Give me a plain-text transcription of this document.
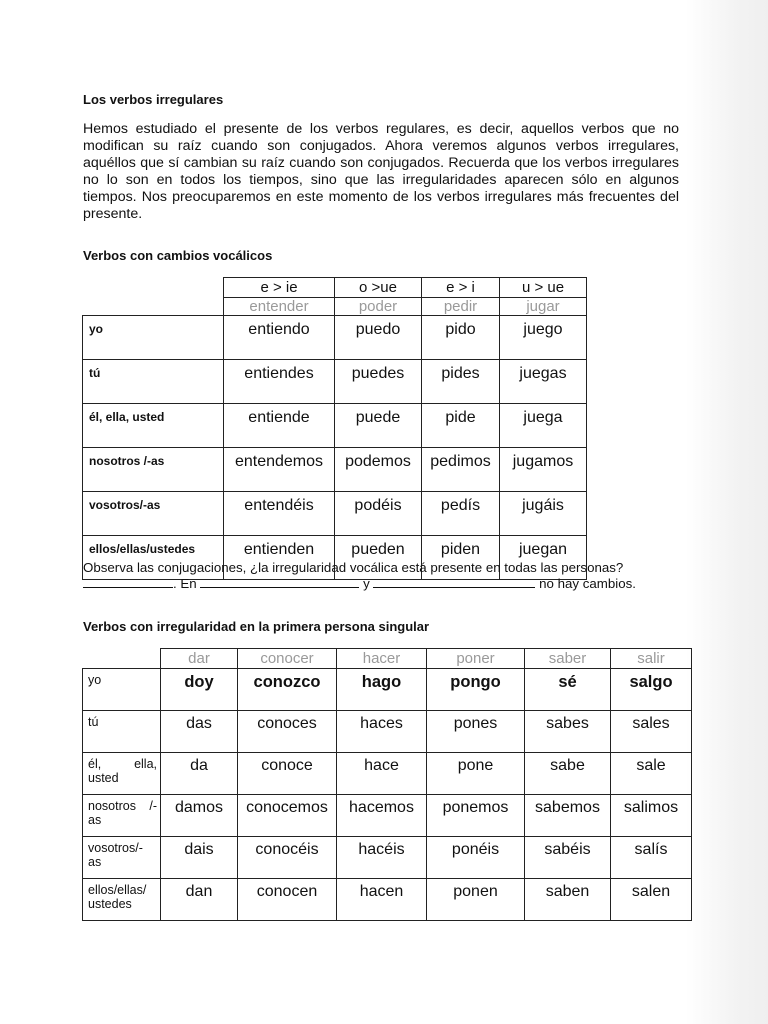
Los verbos irregulares

Hemos estudiado el presente de los verbos regulares, es decir, aquellos verbos que no modifican su raíz cuando son conjugados. Ahora veremos algunos verbos irregulares, aquéllos que sí cambian su raíz cuando son conjugados. Recuerda que los verbos irregulares no lo son en todos los tiempos, sino que las irregularidades aparecen sólo en algunos tiempos. Nos preocuparemos en este momento de los verbos irregulares más frecuentes del presente.

Verbos con cambios vocálicos
	e > ie	o >ue	e > i	u > ue
	entender	poder	pedir	jugar
yo	entiendo	puedo	pido	juego
tú	entiendes	puedes	pides	juegas
él, ella, usted	entiende	puede	pide	juega
nosotros /-as	entendemos	podemos	pedimos	jugamos
vosotros/-as	entendéis	podéis	pedís	jugáis
ellos/ellas/ustedes	entienden	pueden	piden	juegan

Observa las conjugaciones, ¿la irregularidad vocálica está presente en todas las personas?
. En	y	no hay cambios.

Verbos con irregularidad en la primera persona singular
	dar	conocer	hacer	poner	saber	salir
yo	doy	conozco	hago	pongo	sé	salgo
tú	das	conoces	haces	pones	sabes	sales

él, ella,
usted	da	conoce	hace	pone	sabe	sale

nosotros /-
as	damos	conocemos	hacemos	ponemos	sabemos	salimos

vosotros/-
as	dais	conocéis	hacéis	ponéis	sabéis	salís

ellos/ellas/
ustedes	dan	conocen	hacen	ponen	saben	salen
